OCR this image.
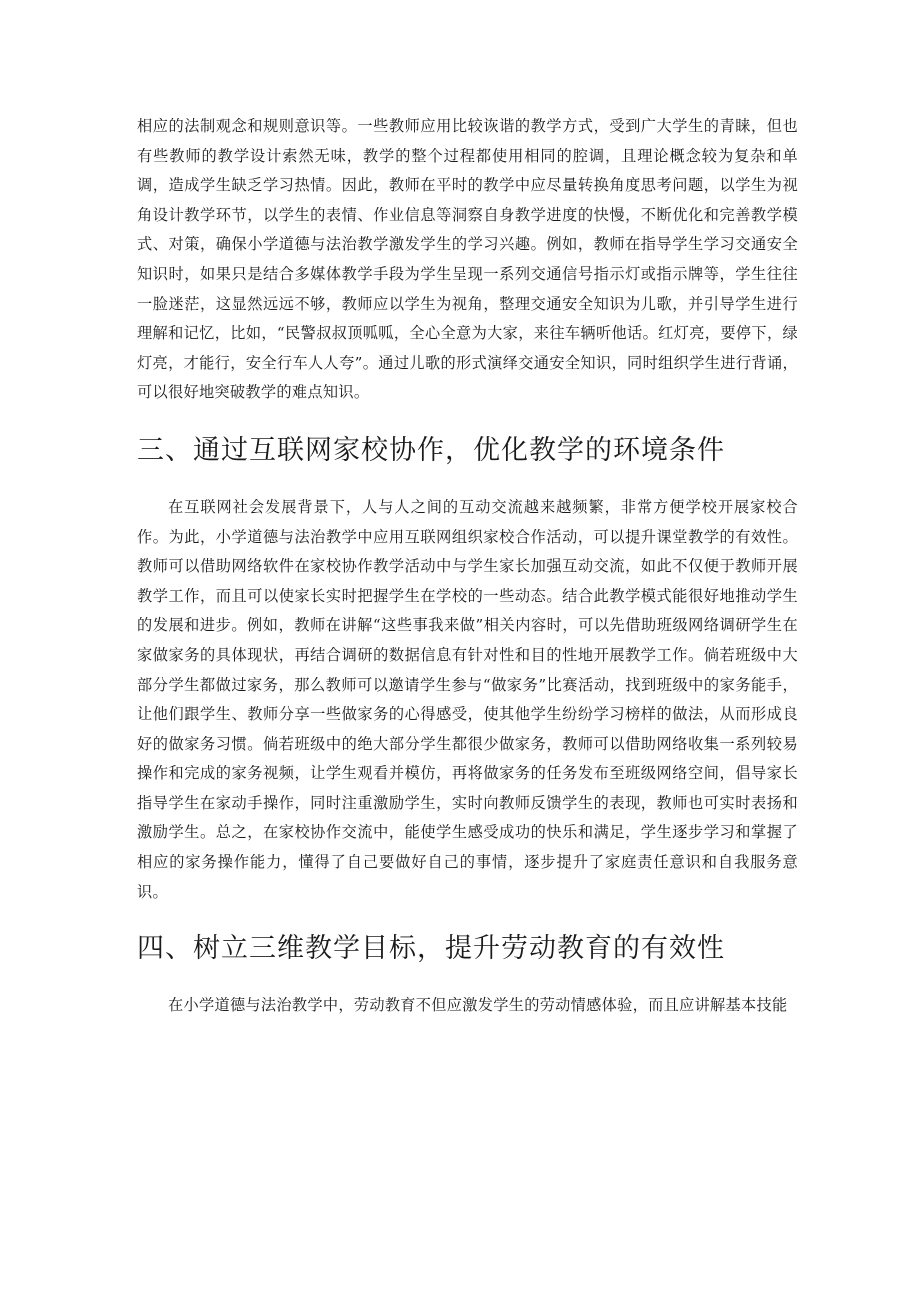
相应的法制观念和规则意识等。一些教师应用比较诙谐的教学方式，受到广大学生的青睐，但也有些教师的教学设计索然无味，教学的整个过程都使用相同的腔调，且理论概念较为复杂和单调，造成学生缺乏学习热情。因此，教师在平时的教学中应尽量转换角度思考问题，以学生为视角设计教学环节，以学生的表情、作业信息等洞察自身教学进度的快慢，不断优化和完善教学模式、对策，确保小学道德与法治教学激发学生的学习兴趣。例如，教师在指导学生学习交通安全知识时，如果只是结合多媒体教学手段为学生呈现一系列交通信号指示灯或指示牌等，学生往往一脸迷茫，这显然远远不够，教师应以学生为视角，整理交通安全知识为儿歌，并引导学生进行理解和记忆，比如，“民警叔叔顶呱呱，全心全意为大家，来往车辆听他话。红灯亮，要停下，绿灯亮，才能行，安全行车人人夸”。通过儿歌的形式演绎交通安全知识，同时组织学生进行背诵，可以很好地突破教学的难点知识。

三、通过互联网家校协作，优化教学的环境条件

在互联网社会发展背景下，人与人之间的互动交流越来越频繁，非常方便学校开展家校合作。为此，小学道德与法治教学中应用互联网组织家校合作活动，可以提升课堂教学的有效性。教师可以借助网络软件在家校协作教学活动中与学生家长加强互动交流，如此不仅便于教师开展教学工作，而且可以使家长实时把握学生在学校的一些动态。结合此教学模式能很好地推动学生的发展和进步。例如，教师在讲解“这些事我来做”相关内容时，可以先借助班级网络调研学生在家做家务的具体现状，再结合调研的数据信息有针对性和目的性地开展教学工作。倘若班级中大部分学生都做过家务，那么教师可以邀请学生参与“做家务”比赛活动，找到班级中的家务能手，让他们跟学生、教师分享一些做家务的心得感受，使其他学生纷纷学习榜样的做法，从而形成良好的做家务习惯。倘若班级中的绝大部分学生都很少做家务，教师可以借助网络收集一系列较易操作和完成的家务视频，让学生观看并模仿，再将做家务的任务发布至班级网络空间，倡导家长指导学生在家动手操作，同时注重激励学生，实时向教师反馈学生的表现，教师也可实时表扬和激励学生。总之，在家校协作交流中，能使学生感受成功的快乐和满足，学生逐步学习和掌握了相应的家务操作能力，懂得了自己要做好自己的事情，逐步提升了家庭责任意识和自我服务意识。

四、树立三维教学目标，提升劳动教育的有效性

在小学道德与法治教学中，劳动教育不但应激发学生的劳动情感体验，而且应讲解基本技能
